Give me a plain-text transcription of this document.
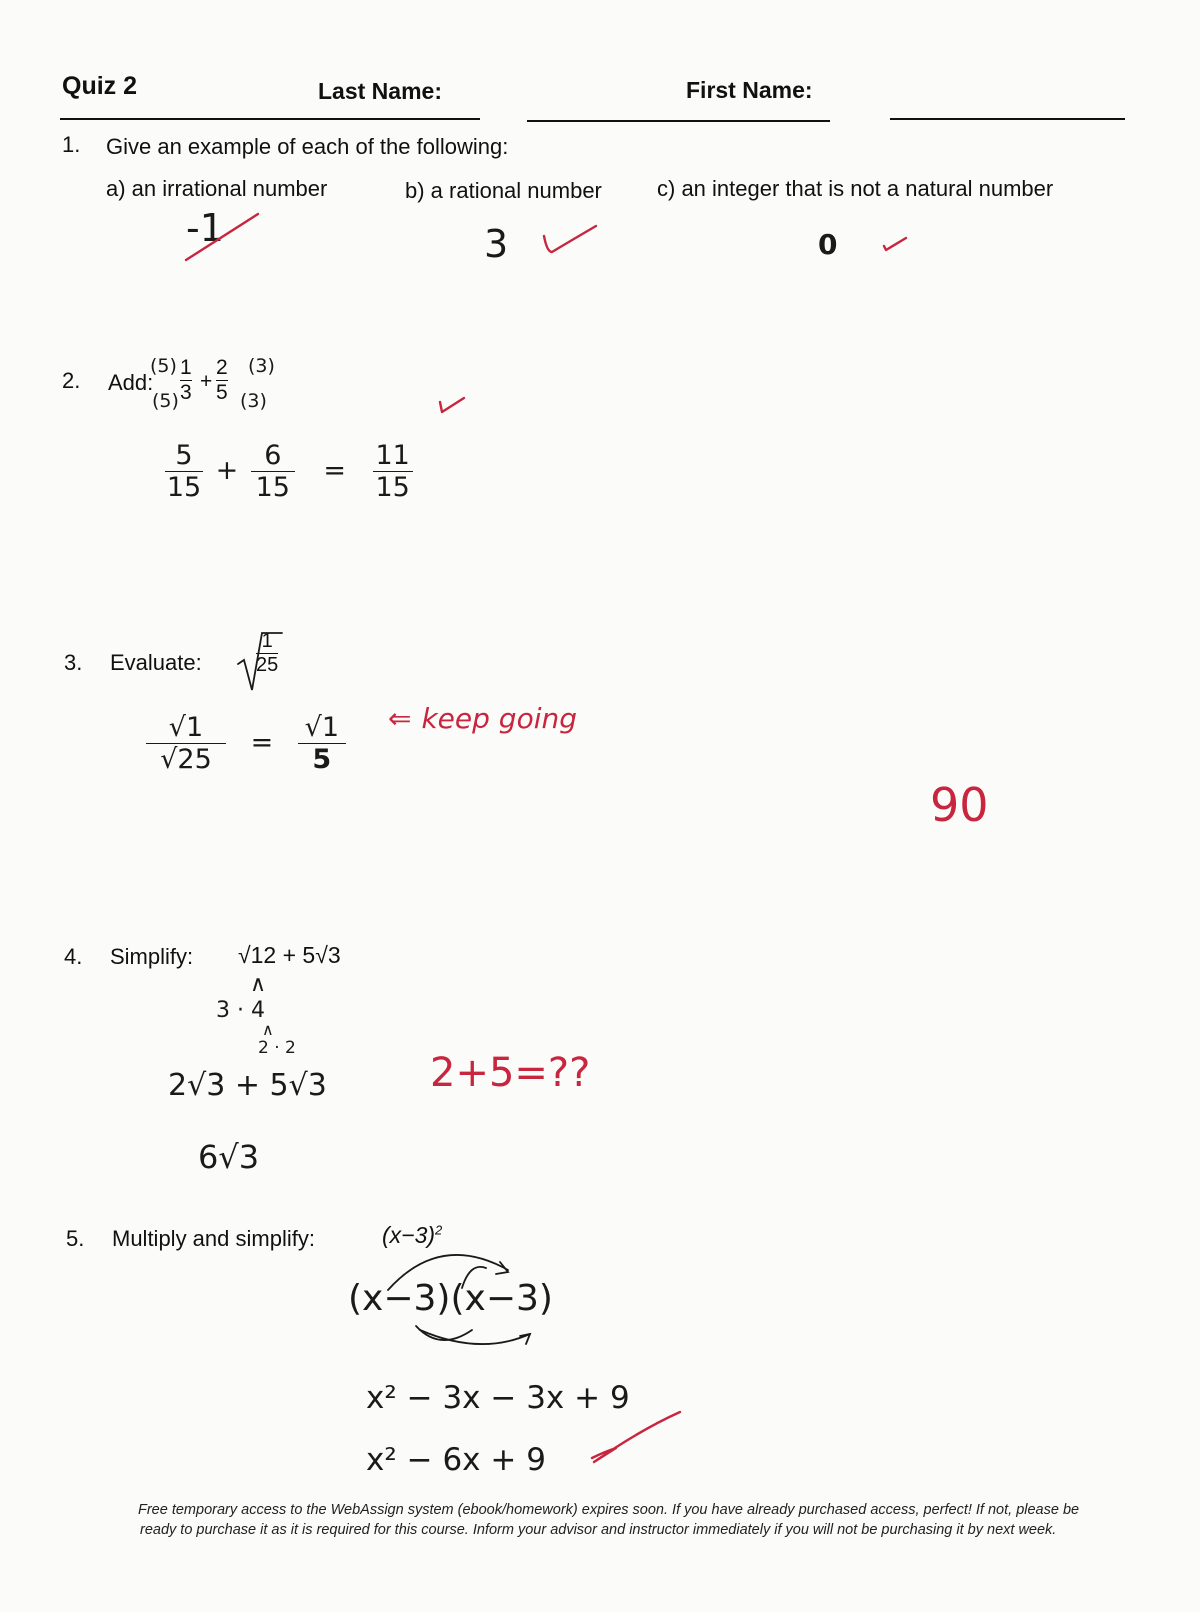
Quiz 2	Last Name:	First Name:
1. Give an example of each of the following:
a) an irrational number	b) a rational number	c) an integer that is not a natural number
-1	3	0
2. Add:
(5)
$(5) \frac{1}{3} + \frac{2}{5} (3)$
(3)
$\frac{5}{15} + \frac{6}{15} = \frac{11}{15}$
3. Evaluate:	$\frac{1}{25}$
$\frac{√1}{√25} = \frac{√1}{5}$ ⇐ keep going
90
4. Simplify: √12 + 5√3
∧
3 · 4
∧
2 · 2
2√3 + 5√3
6√3
2+5=??
5. Multiply and simplify:	$(x-3)^2$
(x−3)(x−3)
x² − 3x − 3x + 9
x² − 6x + 9
Free temporary access to the WebAssign system (ebook/homework) expires soon. If you have already purchased access, perfect! If not, please be
ready to purchase it as it is required for this course. Inform your advisor and instructor immediately if you will not be purchasing it by next week.
